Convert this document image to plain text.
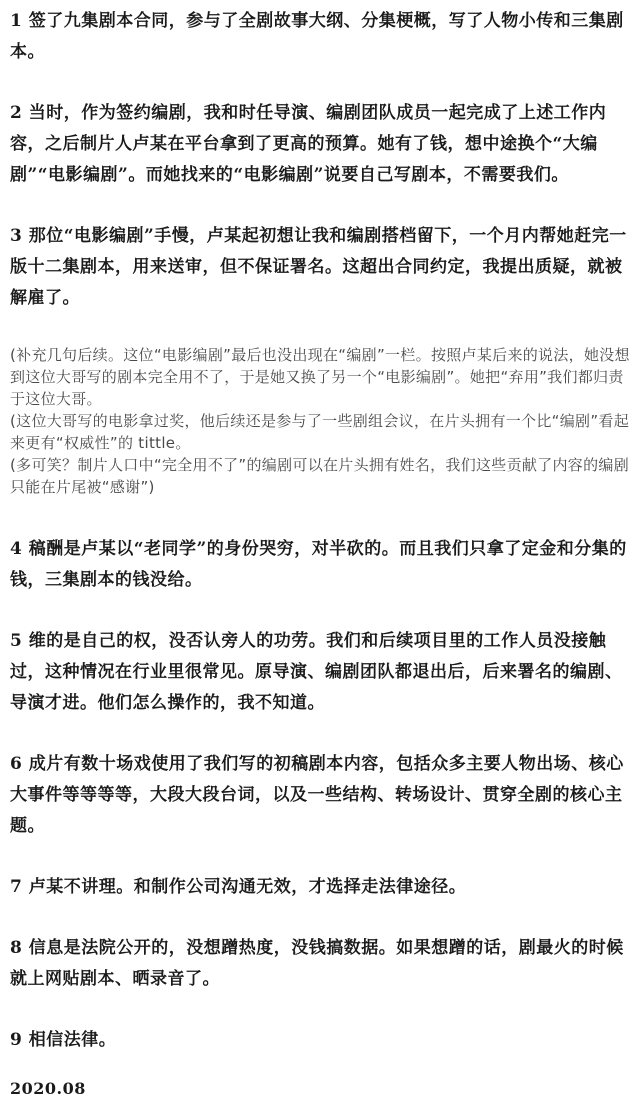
1 签了九集剧本合同，参与了全剧故事大纲、分集梗概，写了人物小传和三集剧本。

2 当时，作为签约编剧，我和时任导演、编剧团队成员一起完成了上述工作内容，之后制片人卢某在平台拿到了更高的预算。她有了钱，想中途换个“大编剧”“电影编剧”。而她找来的“电影编剧”说要自己写剧本，不需要我们。

3 那位“电影编剧”手慢，卢某起初想让我和编剧搭档留下，一个月内帮她赶完一版十二集剧本，用来送审，但不保证署名。这超出合同约定，我提出质疑，就被解雇了。

(补充几句后续。这位“电影编剧”最后也没出现在“编剧”一栏。按照卢某后来的说法，她没想到这位大哥写的剧本完全用不了，于是她又换了另一个“电影编剧”。她把“弃用”我们都归责于这位大哥。

(这位大哥写的电影拿过奖，他后续还是参与了一些剧组会议，在片头拥有一个比“编剧”看起来更有“权威性”的 tittle。

(多可笑？制片人口中“完全用不了”的编剧可以在片头拥有姓名，我们这些贡献了内容的编剧只能在片尾被“感谢”)

4 稿酬是卢某以“老同学”的身份哭穷，对半砍的。而且我们只拿了定金和分集的钱，三集剧本的钱没给。

5 维的是自己的权，没否认旁人的功劳。我们和后续项目里的工作人员没接触过，这种情况在行业里很常见。原导演、编剧团队都退出后，后来署名的编剧、导演才进。他们怎么操作的，我不知道。

6 成片有数十场戏使用了我们写的初稿剧本内容，包括众多主要人物出场、核心大事件等等等等，大段大段台词，以及一些结构、转场设计、贯穿全剧的核心主题。

7 卢某不讲理。和制作公司沟通无效，才选择走法律途径。

8 信息是法院公开的，没想蹭热度，没钱搞数据。如果想蹭的话，剧最火的时候就上网贴剧本、晒录音了。

9 相信法律。

2020.08
